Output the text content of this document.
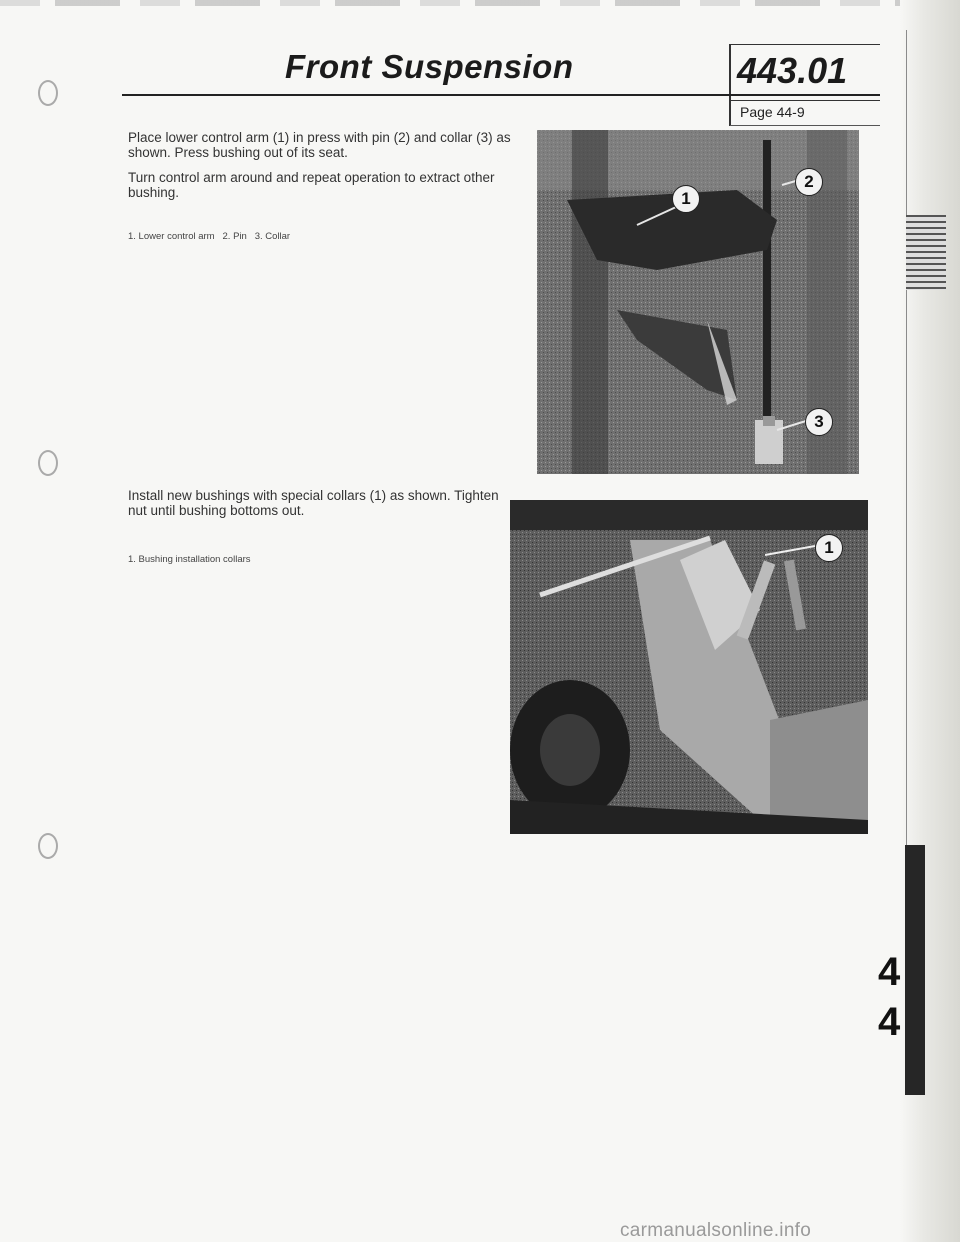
Front Suspension	443.01
Page 44-9
Place lower control arm (1) in press with pin (2) and collar (3) as shown. Press bushing out of its seat.
Turn control arm around and repeat operation to extract other bushing.
1. Lower control arm   2. Pin   3. Collar
1
2
3
Install new bushings with special collars (1) as shown. Tighten nut until bushing bottoms out.
1. Bushing installation collars
1
4
4
carmanualsonline.info
